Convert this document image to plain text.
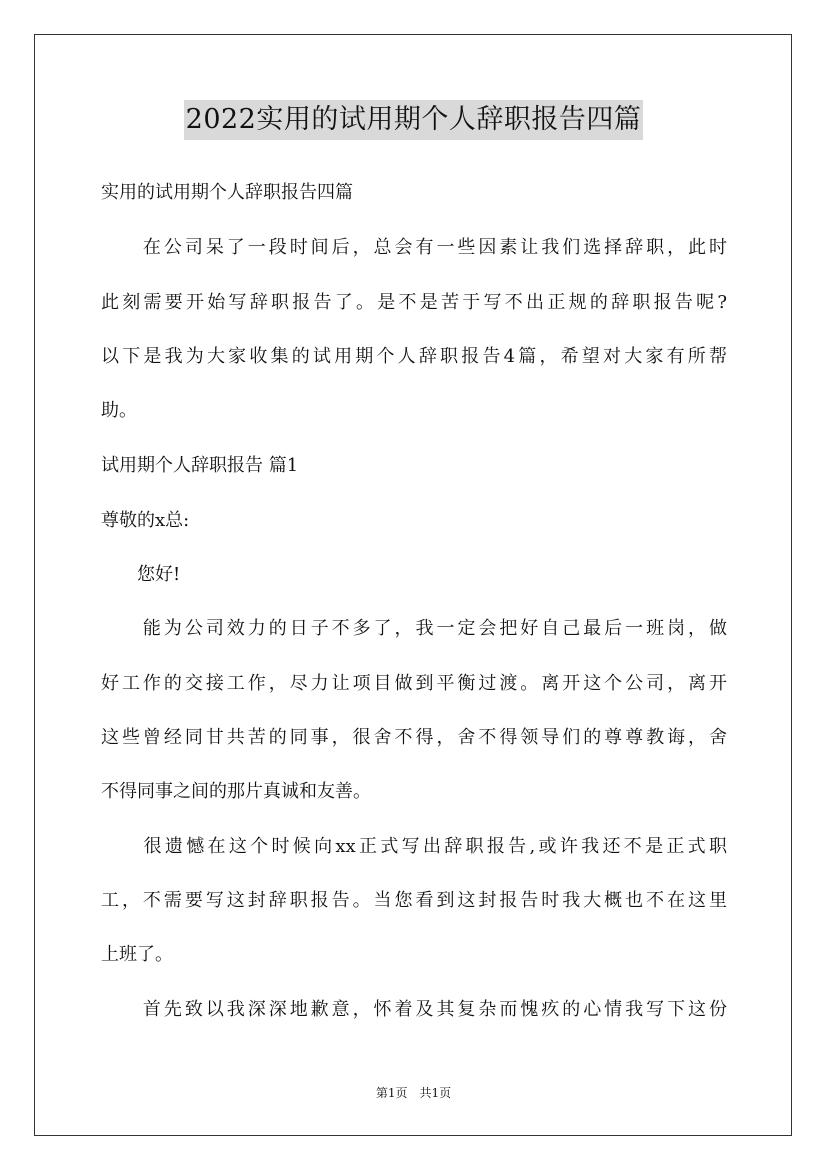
2022实用的试用期个人辞职报告四篇
实用的试用期个人辞职报告四篇
　　在公司呆了一段时间后，总会有一些因素让我们选择辞职，此时
此刻需要开始写辞职报告了。是不是苦于写不出正规的辞职报告呢?
以下是我为大家收集的试用期个人辞职报告4篇，希望对大家有所帮
助。
试用期个人辞职报告 篇1
尊敬的x总:
　　您好!
　　能为公司效力的日子不多了，我一定会把好自己最后一班岗，做
好工作的交接工作，尽力让项目做到平衡过渡。离开这个公司，离开
这些曾经同甘共苦的同事，很舍不得，舍不得领导们的尊尊教诲，舍
不得同事之间的那片真诚和友善。
　　很遗憾在这个时候向xx正式写出辞职报告,或许我还不是正式职
工，不需要写这封辞职报告。当您看到这封报告时我大概也不在这里
上班了。
　　首先致以我深深地歉意，怀着及其复杂而愧疚的心情我写下这份
第1页 共1页
